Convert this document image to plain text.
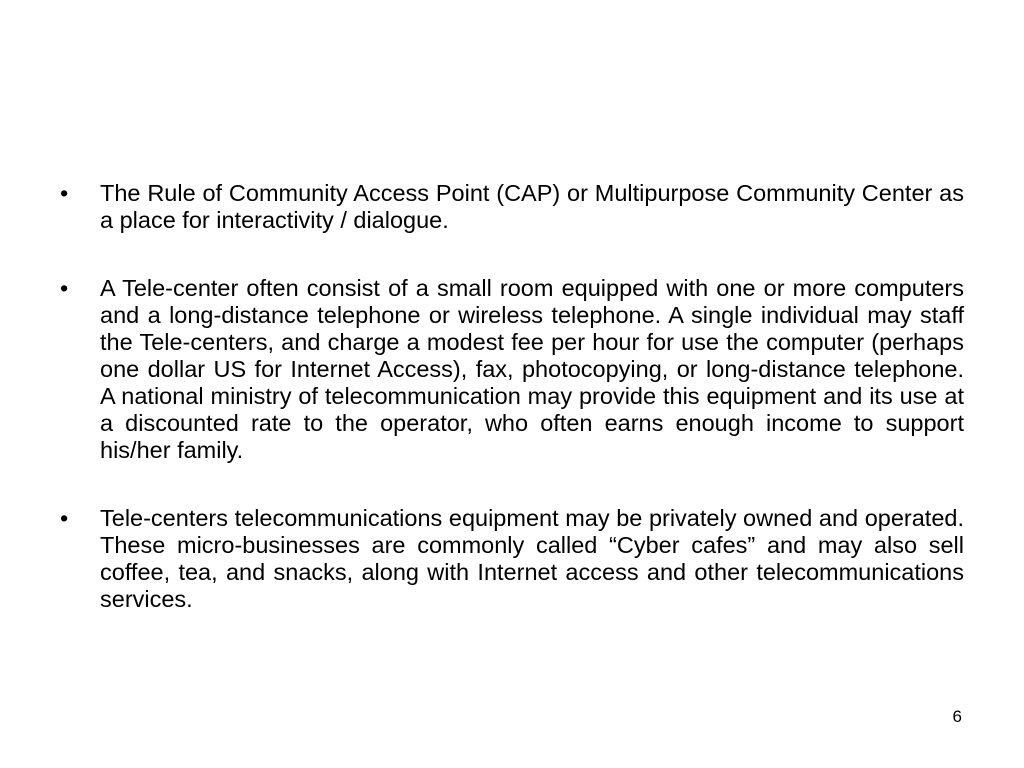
• The Rule of Community Access Point (CAP) or Multipurpose Community Center as a place for interactivity / dialogue.
• A Tele-center often consist of a small room equipped with one or more computers and a long-distance telephone or wireless telephone. A single individual may staff the Tele-centers, and charge a modest fee per hour for use the computer (perhaps one dollar US for Internet Access), fax, photocopying, or long-distance telephone. A national ministry of telecommunication may provide this equipment and its use at a discounted rate to the operator, who often earns enough income to support his/her family.
• Tele-centers telecommunications equipment may be privately owned and operated. These micro-businesses are commonly called “Cyber cafes” and may also sell coffee, tea, and snacks, along with Internet access and other telecommunications services.
6
